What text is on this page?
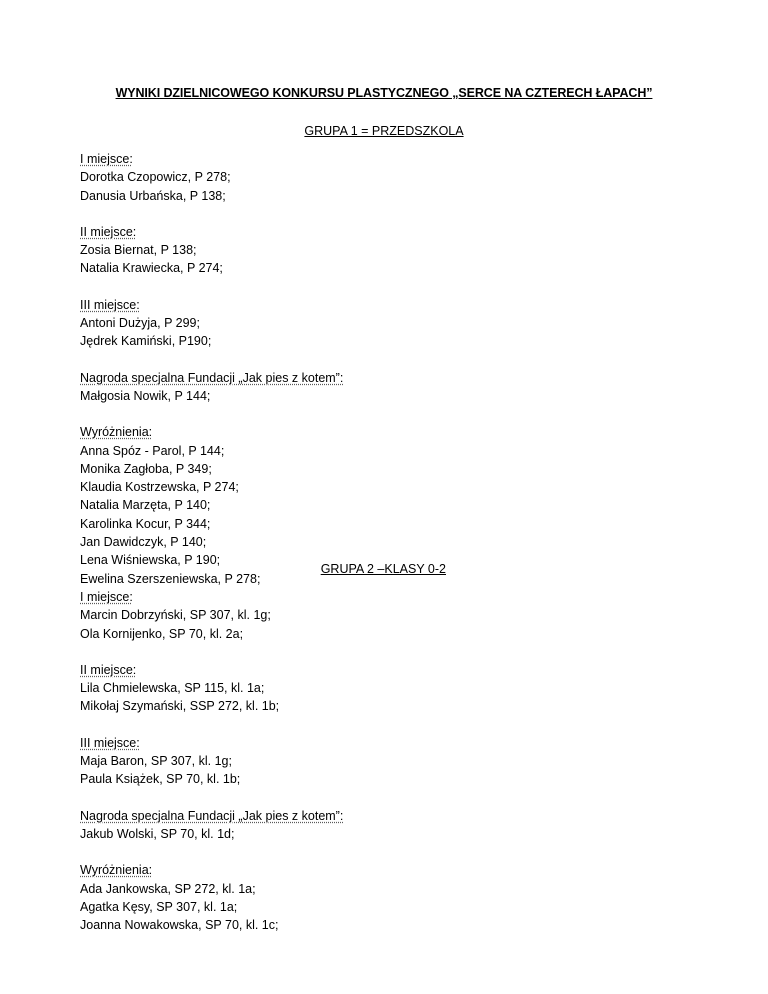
WYNIKI DZIELNICOWEGO KONKURSU PLASTYCZNEGO „SERCE NA CZTERECH ŁAPACH”
GRUPA 1 = PRZEDSZKOLA
I miejsce:
Dorotka Czopowicz, P 278;
Danusia Urbańska, P 138;
II miejsce:
Zosia Biernat, P 138;
Natalia Krawiecka, P 274;
III miejsce:
Antoni Dużyja, P 299;
Jędrek Kamiński, P190;
Nagroda specjalna Fundacji „Jak pies z kotem”:
Małgosia Nowik, P 144;
Wyróżnienia:
Anna Spóz - Parol, P 144;
Monika Zagłoba, P 349;
Klaudia Kostrzewska, P 274;
Natalia Marzęta, P 140;
Karolinka Kocur, P 344;
Jan Dawidczyk, P 140;
Lena Wiśniewska, P 190;
Ewelina Szerszeniewska, P 278;
GRUPA 2 –KLASY 0-2
I miejsce:
Marcin Dobrzyński, SP 307, kl. 1g;
Ola Kornijenko, SP 70, kl. 2a;
II miejsce:
Lila Chmielewska, SP 115, kl. 1a;
Mikołaj Szymański, SSP 272, kl. 1b;
III miejsce:
Maja Baron, SP 307, kl. 1g;
Paula Książek, SP 70, kl. 1b;
Nagroda specjalna Fundacji „Jak pies z kotem”:
Jakub Wolski, SP 70, kl. 1d;
Wyróżnienia:
Ada Jankowska, SP 272, kl. 1a;
Agatka Kęsy, SP 307, kl. 1a;
Joanna Nowakowska, SP 70, kl. 1c;
